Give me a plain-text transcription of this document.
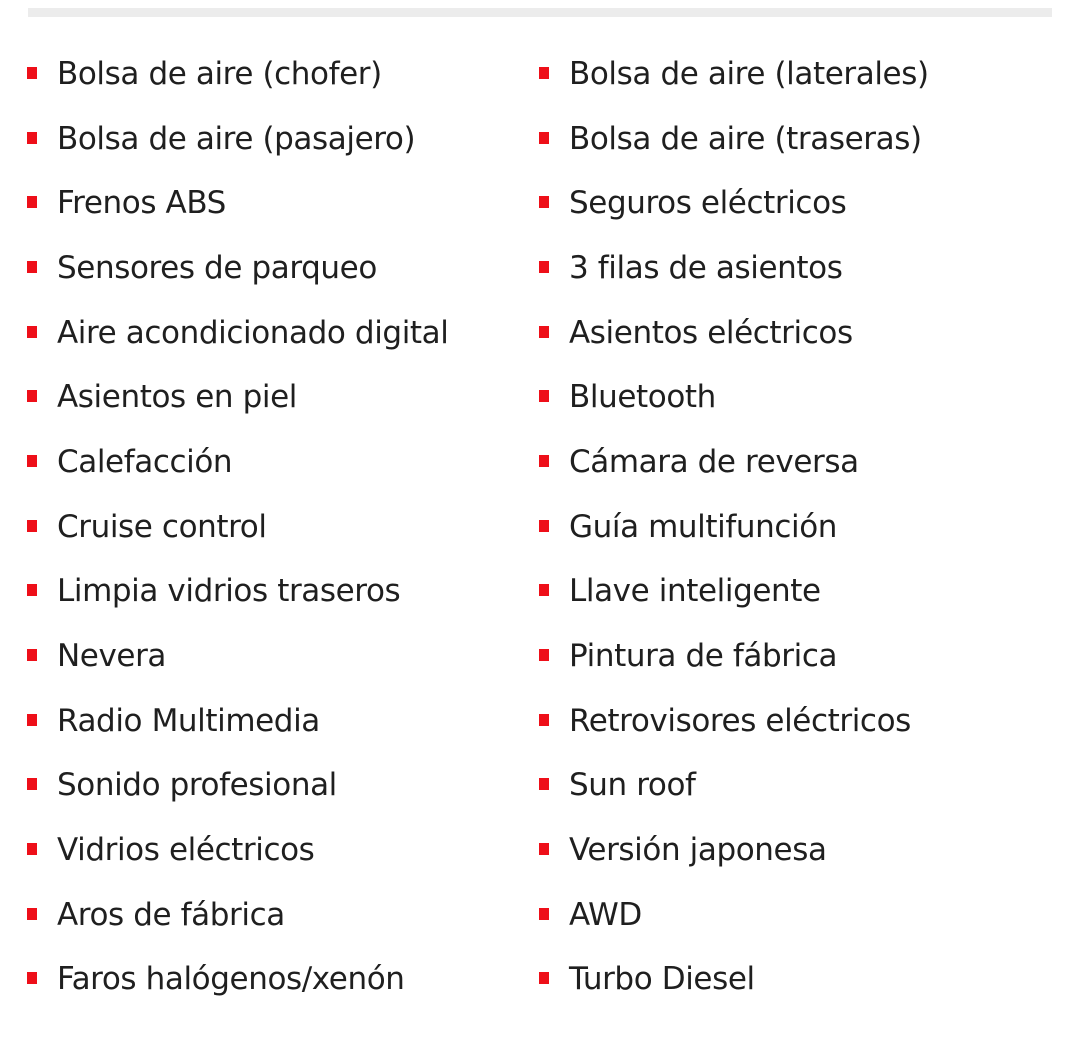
Bolsa de aire (chofer)	Bolsa de aire (laterales)
Bolsa de aire (pasajero)	Bolsa de aire (traseras)
Frenos ABS	Seguros eléctricos
Sensores de parqueo	3 filas de asientos
Aire acondicionado digital	Asientos eléctricos
Asientos en piel	Bluetooth
Calefacción	Cámara de reversa
Cruise control	Guía multifunción
Limpia vidrios traseros	Llave inteligente
Nevera	Pintura de fábrica
Radio Multimedia	Retrovisores eléctricos
Sonido profesional	Sun roof
Vidrios eléctricos	Versión japonesa
Aros de fábrica	AWD
Faros halógenos/xenón	Turbo Diesel
